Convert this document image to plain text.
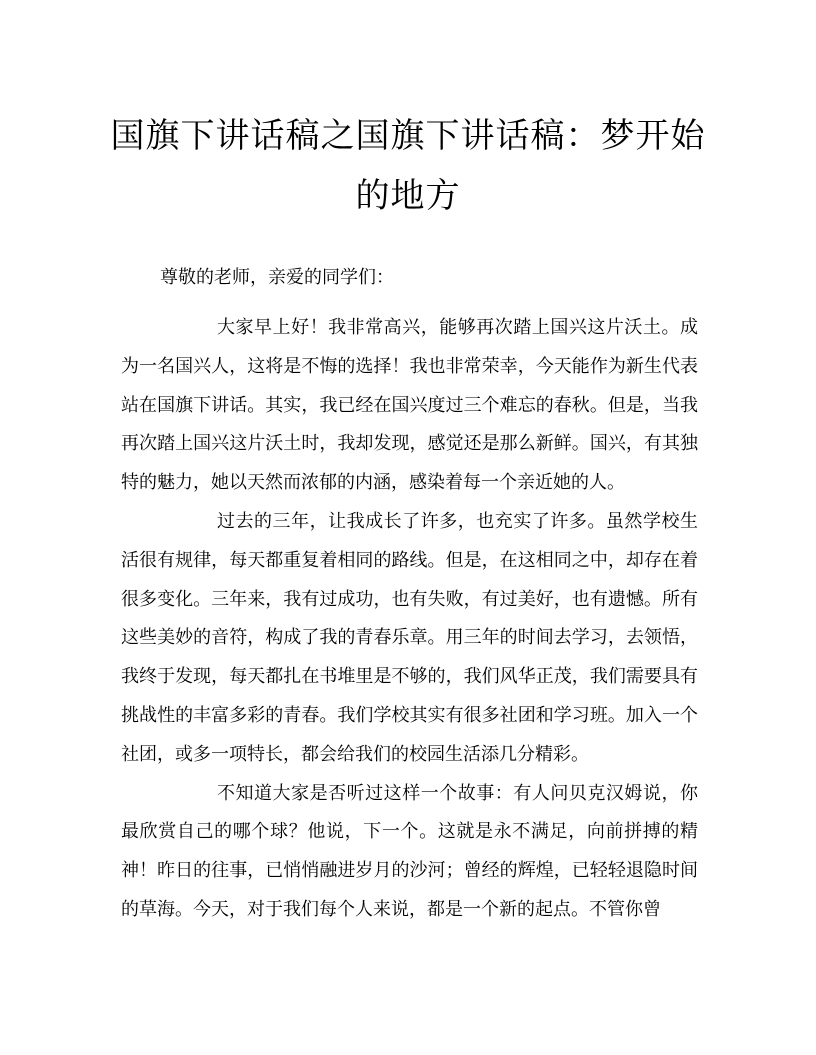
国旗下讲话稿之国旗下讲话稿：梦开始的地方

尊敬的老师，亲爱的同学们：

大家早上好！我非常高兴，能够再次踏上国兴这片沃土。成为一名国兴人，这将是不悔的选择！我也非常荣幸，今天能作为新生代表站在国旗下讲话。其实，我已经在国兴度过三个难忘的春秋。但是，当我再次踏上国兴这片沃土时，我却发现，感觉还是那么新鲜。国兴，有其独特的魅力，她以天然而浓郁的内涵，感染着每一个亲近她的人。

过去的三年，让我成长了许多，也充实了许多。虽然学校生活很有规律，每天都重复着相同的路线。但是，在这相同之中，却存在着很多变化。三年来，我有过成功，也有失败，有过美好，也有遗憾。所有这些美妙的音符，构成了我的青春乐章。用三年的时间去学习，去领悟，我终于发现，每天都扎在书堆里是不够的，我们风华正茂，我们需要具有挑战性的丰富多彩的青春。我们学校其实有很多社团和学习班。加入一个社团，或多一项特长，都会给我们的校园生活添几分精彩。

不知道大家是否听过这样一个故事：有人问贝克汉姆说，你最欣赏自己的哪个球？他说，下一个。这就是永不满足，向前拼搏的精神！昨日的往事，已悄悄融进岁月的沙河；曾经的辉煌，已轻轻退隐时间的草海。今天，对于我们每个人来说，都是一个新的起点。不管你曾
